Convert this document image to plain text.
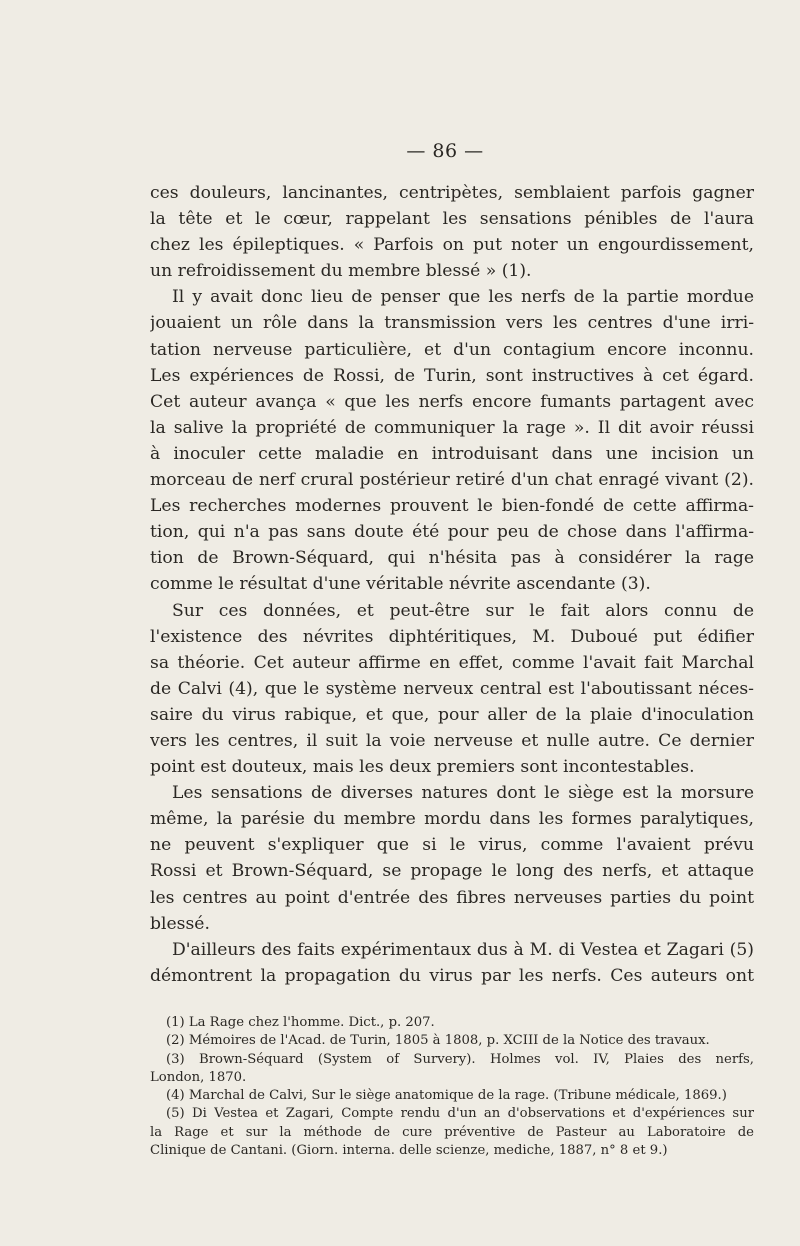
— 86 —
ces douleurs, lancinantes, centripètes, semblaient parfois gagner
la tête et le cœur, rappelant les sensations pénibles de l'aura
chez les épileptiques. « Parfois on put noter un engourdissement,
un refroidissement du membre blessé » (1).
Il y avait donc lieu de penser que les nerfs de la partie mordue
jouaient un rôle dans la transmission vers les centres d'une irri-
tation nerveuse particulière, et d'un contagium encore inconnu.
Les expériences de Rossi, de Turin, sont instructives à cet égard.
Cet auteur avança « que les nerfs encore fumants partagent avec
la salive la propriété de communiquer la rage ». Il dit avoir réussi
à inoculer cette maladie en introduisant dans une incision un
morceau de nerf crural postérieur retiré d'un chat enragé vivant (2).
Les recherches modernes prouvent le bien-fondé de cette affirma-
tion, qui n'a pas sans doute été pour peu de chose dans l'affirma-
tion de Brown-Séquard, qui n'hésita pas à considérer la rage
comme le résultat d'une véritable névrite ascendante (3).
Sur ces données, et peut-être sur le fait alors connu de
l'existence des névrites diphtéritiques, M. Duboué put édifier
sa théorie. Cet auteur affirme en effet, comme l'avait fait Marchal
de Calvi (4), que le système nerveux central est l'aboutissant néces-
saire du virus rabique, et que, pour aller de la plaie d'inoculation
vers les centres, il suit la voie nerveuse et nulle autre. Ce dernier
point est douteux, mais les deux premiers sont incontestables.
Les sensations de diverses natures dont le siège est la morsure
même, la parésie du membre mordu dans les formes paralytiques,
ne peuvent s'expliquer que si le virus, comme l'avaient prévu
Rossi et Brown-Séquard, se propage le long des nerfs, et attaque
les centres au point d'entrée des fibres nerveuses parties du point
blessé.
D'ailleurs des faits expérimentaux dus à M. di Vestea et Zagari (5)
démontrent la propagation du virus par les nerfs. Ces auteurs ont
(1) La Rage chez l'homme. Dict., p. 207.
(2) Mémoires de l'Acad. de Turin, 1805 à 1808, p. XCIII de la Notice des travaux.
(3) Brown-Séquard (System of Survery). Holmes vol. IV, Plaies des nerfs,
London, 1870.
(4) Marchal de Calvi, Sur le siège anatomique de la rage. (Tribune médicale, 1869.)
(5) Di Vestea et Zagari, Compte rendu d'un an d'observations et d'expériences sur
la Rage et sur la méthode de cure préventive de Pasteur au Laboratoire de
Clinique de Cantani. (Giorn. interna. delle scienze, mediche, 1887, n° 8 et 9.)
